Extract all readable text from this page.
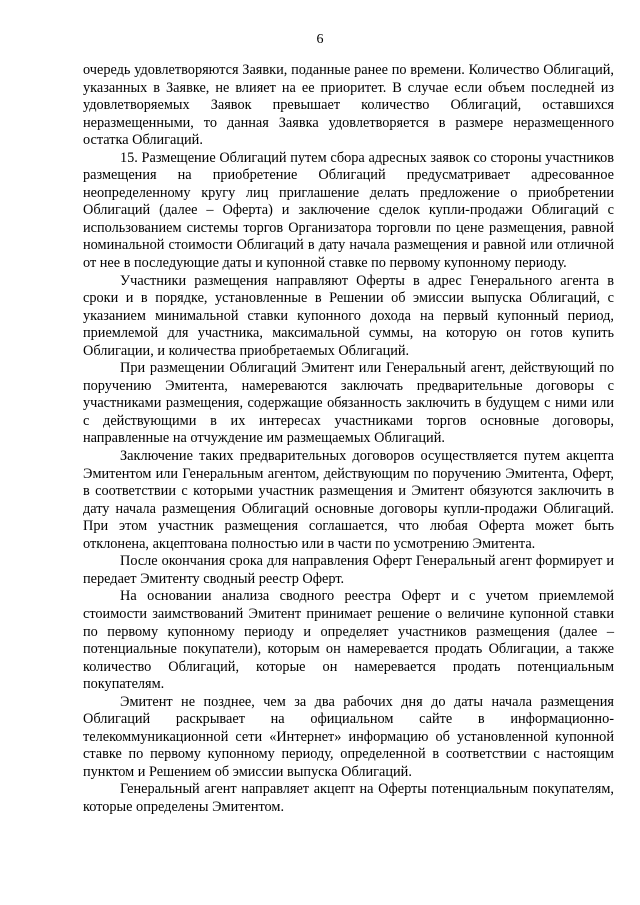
6

очередь удовлетворяются Заявки, поданные ранее по времени. Количество Облигаций, указанных в Заявке, не влияет на ее приоритет. В случае если объем последней из удовлетворяемых Заявок превышает количество Облигаций, оставшихся неразмещенными, то данная Заявка удовлетворяется в размере неразмещенного остатка Облигаций.

15. Размещение Облигаций путем сбора адресных заявок со стороны участников размещения на приобретение Облигаций предусматривает адресованное неопределенному кругу лиц приглашение делать предложение о приобретении Облигаций (далее – Оферта) и заключение сделок купли-продажи Облигаций с использованием системы торгов Организатора торговли по цене размещения, равной номинальной стоимости Облигаций в дату начала размещения и равной или отличной от нее в последующие даты и купонной ставке по первому купонному периоду.

Участники размещения направляют Оферты в адрес Генерального агента в сроки и в порядке, установленные в Решении об эмиссии выпуска Облигаций, с указанием минимальной ставки купонного дохода на первый купонный период, приемлемой для участника, максимальной суммы, на которую он готов купить Облигации, и количества приобретаемых Облигаций.

При размещении Облигаций Эмитент или Генеральный агент, действующий по поручению Эмитента, намереваются заключать предварительные договоры с участниками размещения, содержащие обязанность заключить в будущем с ними или с действующими в их интересах участниками торгов основные договоры, направленные на отчуждение им размещаемых Облигаций.

Заключение таких предварительных договоров осуществляется путем акцепта Эмитентом или Генеральным агентом, действующим по поручению Эмитента, Оферт, в соответствии с которыми участник размещения и Эмитент обязуются заключить в дату начала размещения Облигаций основные договоры купли-продажи Облигаций. При этом участник размещения соглашается, что любая Оферта может быть отклонена, акцептована полностью или в части по усмотрению Эмитента.

После окончания срока для направления Оферт Генеральный агент формирует и передает Эмитенту сводный реестр Оферт.

На основании анализа сводного реестра Оферт и с учетом приемлемой стоимости заимствований Эмитент принимает решение о величине купонной ставки по первому купонному периоду и определяет участников размещения (далее – потенциальные покупатели), которым он намеревается продать Облигации, а также количество Облигаций, которые он намеревается продать потенциальным покупателям.

Эмитент не позднее, чем за два рабочих дня до даты начала размещения Облигаций раскрывает на официальном сайте в информационно-телекоммуникационной сети «Интернет» информацию об установленной купонной ставке по первому купонному периоду, определенной в соответствии с настоящим пунктом и Решением об эмиссии выпуска Облигаций.

Генеральный агент направляет акцепт на Оферты потенциальным покупателям, которые определены Эмитентом.
